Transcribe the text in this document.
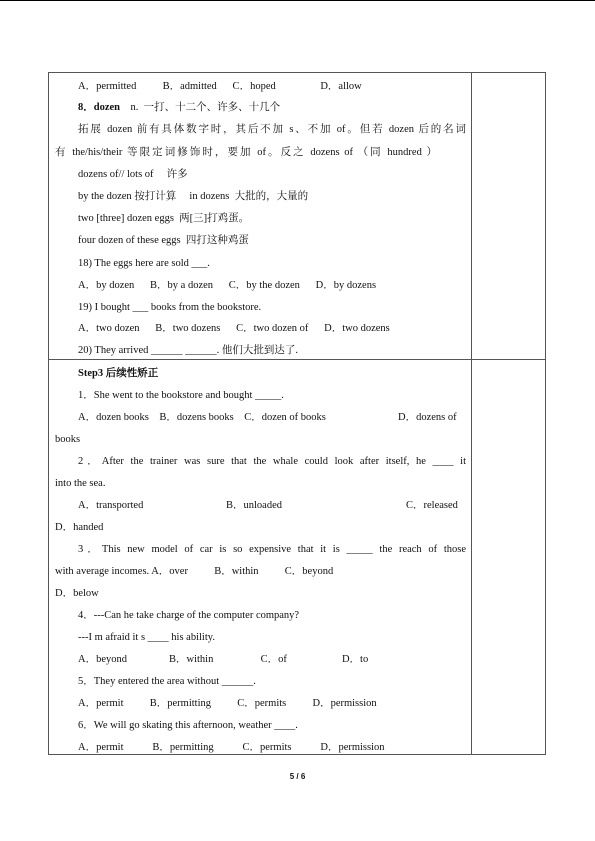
A．permitted          B．admitted      C．hoped                 D．allow
8．dozen n.  一打、十二个、许多、十几个
拓展 dozen 前有具体数字时，其后不加 s、不加 of。但若 dozen 后的名词
有 the/his/their 等限定词修饰时，要加 of。反之 dozens of （同 hundred ）
dozens of// lots of     许多
by the dozen 按打计算     in dozens  大批的，大量的
two [three] dozen eggs  两[三]打鸡蛋。
four dozen of these eggs  四打这种鸡蛋
18) The eggs here are sold ___.
A．by dozen      B．by a dozen      C．by the dozen      D．by dozens
19) I bought ___ books from the bookstore.
A．two dozen      B．two dozens      C．two dozen of      D．two dozens
20) They arrived ______ ______. 他们大批到达了.
Step3 后续性矫正
1．She went to the bookstore and bought _____.
A．dozen books    B．dozens books    C．dozen of books	D．dozens of
books
2．After the trainer was sure that the whale could look after itself, he ____ it
into the sea.
A．transported	B．unloaded	C．released
D．handed
3．This new model of car is so expensive that it is _____ the reach of those
with average incomes. A．over          B．within          C．beyond
D．below
4．---Can he take charge of the computer company?
---I m afraid it s ____ his ability.
A．beyond                B．within                  C．of                     D．to
5．They entered the area without ______.
A．permit          B．permitting          C．permits          D．permission
6．We will go skating this afternoon, weather ____.
A．permit           B．permitting           C．permits           D．permission
5 / 6
